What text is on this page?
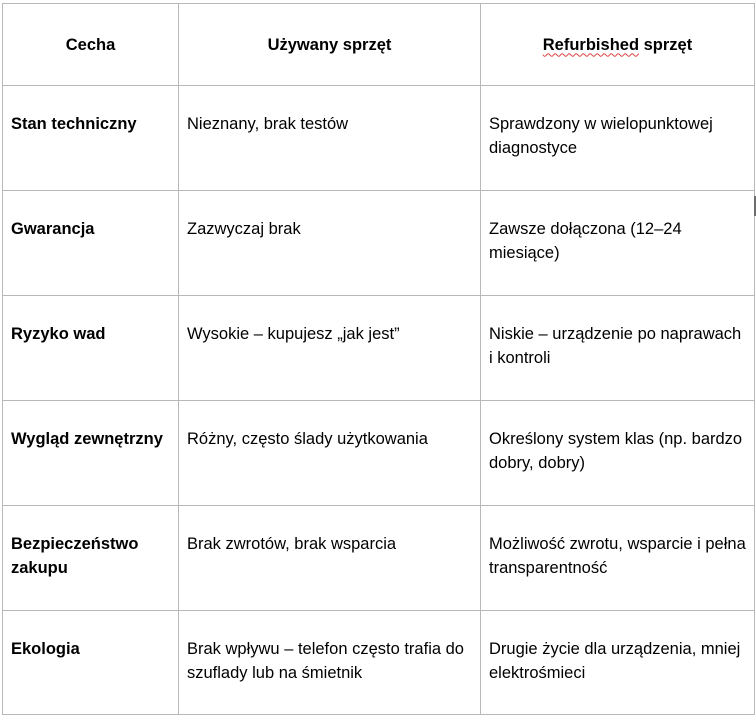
Cecha	Używany sprzęt	Refurbished sprzęt
Stan techniczny	Nieznany, brak testów	Sprawdzony w wielopunktowej diagnostyce
Gwarancja	Zazwyczaj brak	Zawsze dołączona (12–24 miesiące)
Ryzyko wad	Wysokie – kupujesz „jak jest”	Niskie – urządzenie po naprawach i kontroli
Wygląd zewnętrzny	Różny, często ślady użytkowania	Określony system klas (np. bardzo dobry, dobry)
Bezpieczeństwo zakupu	Brak zwrotów, brak wsparcia	Możliwość zwrotu, wsparcie i pełna transparentność
Ekologia	Brak wpływu – telefon często trafia do szuflady lub na śmietnik	Drugie życie dla urządzenia, mniej elektrośmieci
